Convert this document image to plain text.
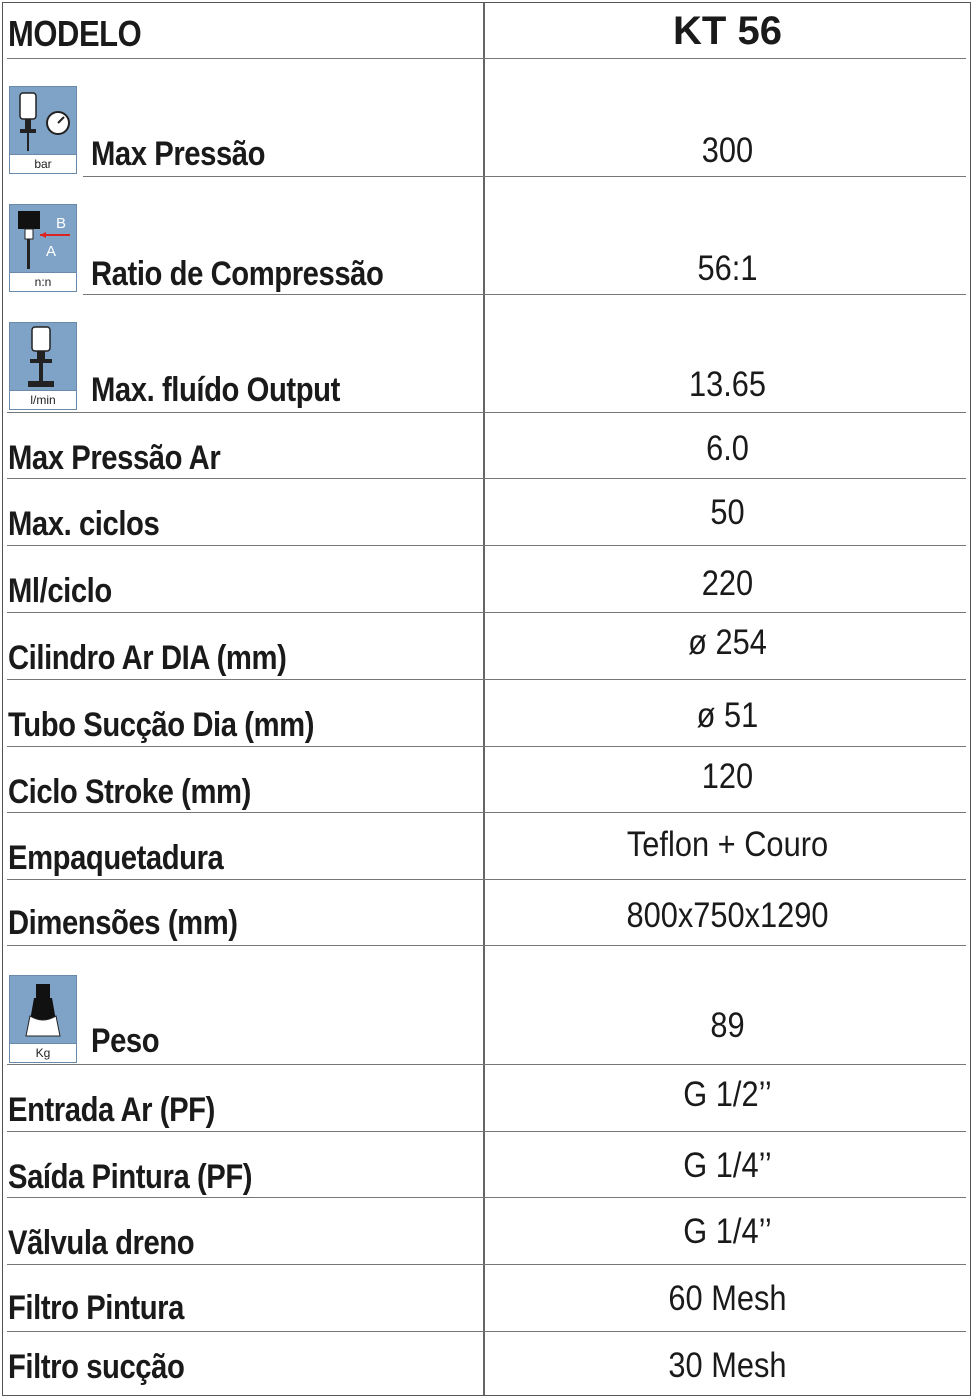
MODELO	KT 56
bar	Max Pressão	300
B
A
n:n	Ratio de Compressão	56:1
l/min	Max. fluído Output	13.65
Max Pressão Ar	6.0
Max. ciclos	50
Ml/ciclo	220
Cilindro Ar DIA (mm)	ø 254
Tubo Sucção Dia (mm)	ø 51
Ciclo Stroke (mm)	120
Empaquetadura	Teflon + Couro
Dimensões (mm)	800x750x1290
Kg	Peso	89
Entrada Ar (PF)	G 1/2’’
Saída Pintura (PF)	G 1/4’’
Vãlvula dreno	G 1/4’’
Filtro Pintura	60 Mesh
Filtro sucção	30 Mesh
